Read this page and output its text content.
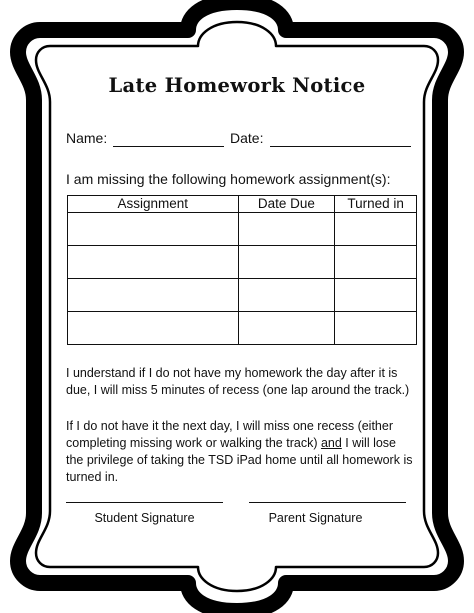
Late Homework Notice
Name:	Date:
I am missing the following homework assignment(s):
Assignment	Date Due	Turned in

I understand if I do not have my homework the day after it is due, I will miss 5 minutes of recess (one lap around the track.)
If I do not have it the next day, I will miss one recess (either completing missing work or walking the track) and I will lose the privilege of taking the TSD iPad home until all homework is turned in.
Student Signature	Parent Signature
